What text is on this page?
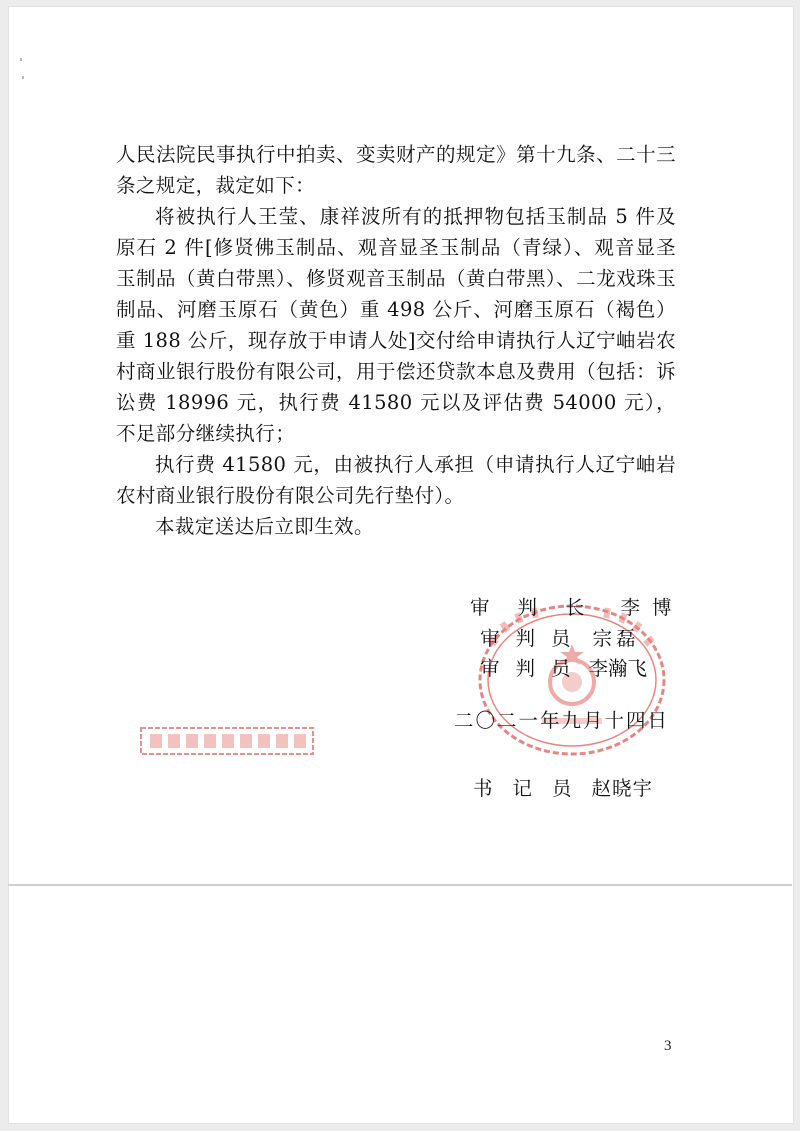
人民法院民事执行中拍卖、变卖财产的规定》第十九条、二十三条之规定，裁定如下：

将被执行人王莹、康祥波所有的抵押物包括玉制品 5 件及原石 2 件[修贤佛玉制品、观音显圣玉制品（青绿）、观音显圣玉制品（黄白带黑）、修贤观音玉制品（黄白带黑）、二龙戏珠玉制品、河磨玉原石（黄色）重 498 公斤、河磨玉原石（褐色）重 188 公斤，现存放于申请人处]交付给申请执行人辽宁岫岩农村商业银行股份有限公司，用于偿还贷款本息及费用（包括：诉讼费 18996 元，执行费 41580 元以及评估费 54000 元），不足部分继续执行；

执行费 41580 元，由被执行人承担（申请执行人辽宁岫岩农村商业银行股份有限公司先行垫付）。

本裁定送达后立即生效。

审判长 李博
审判员 宗磊
审判员 李瀚飞
二〇二一年九月十四日
书记员赵晓宇
3
